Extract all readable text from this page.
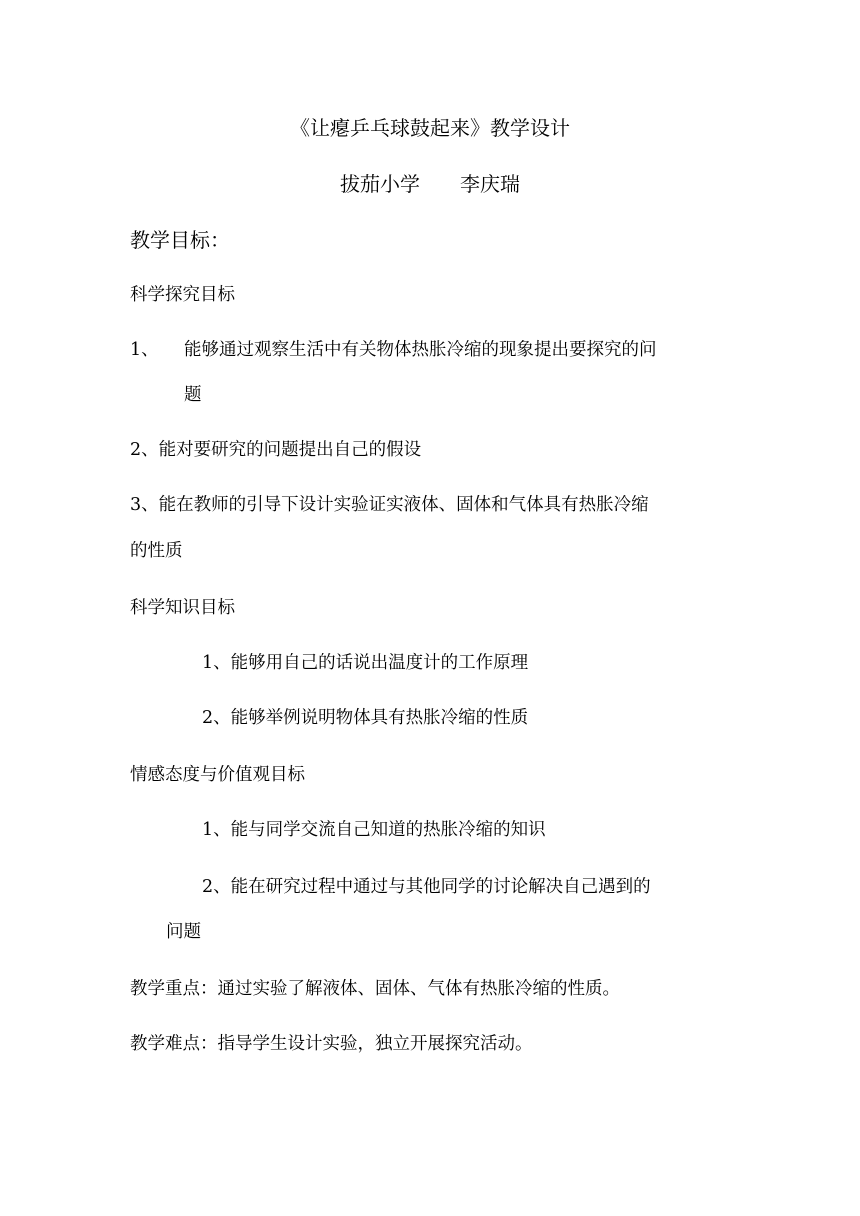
《让瘪乒乓球鼓起来》教学设计
拔茄小学　　李庆瑞
教学目标：
科学探究目标
1、 能够通过观察生活中有关物体热胀冷缩的现象提出要探究的问
题
2、能对要研究的问题提出自己的假设
3、能在教师的引导下设计实验证实液体、固体和气体具有热胀冷缩
的性质
科学知识目标
1、能够用自己的话说出温度计的工作原理
2、能够举例说明物体具有热胀冷缩的性质
情感态度与价值观目标
1、能与同学交流自己知道的热胀冷缩的知识
2、能在研究过程中通过与其他同学的讨论解决自己遇到的
问题
教学重点：通过实验了解液体、固体、气体有热胀冷缩的性质。
教学难点：指导学生设计实验，独立开展探究活动。
